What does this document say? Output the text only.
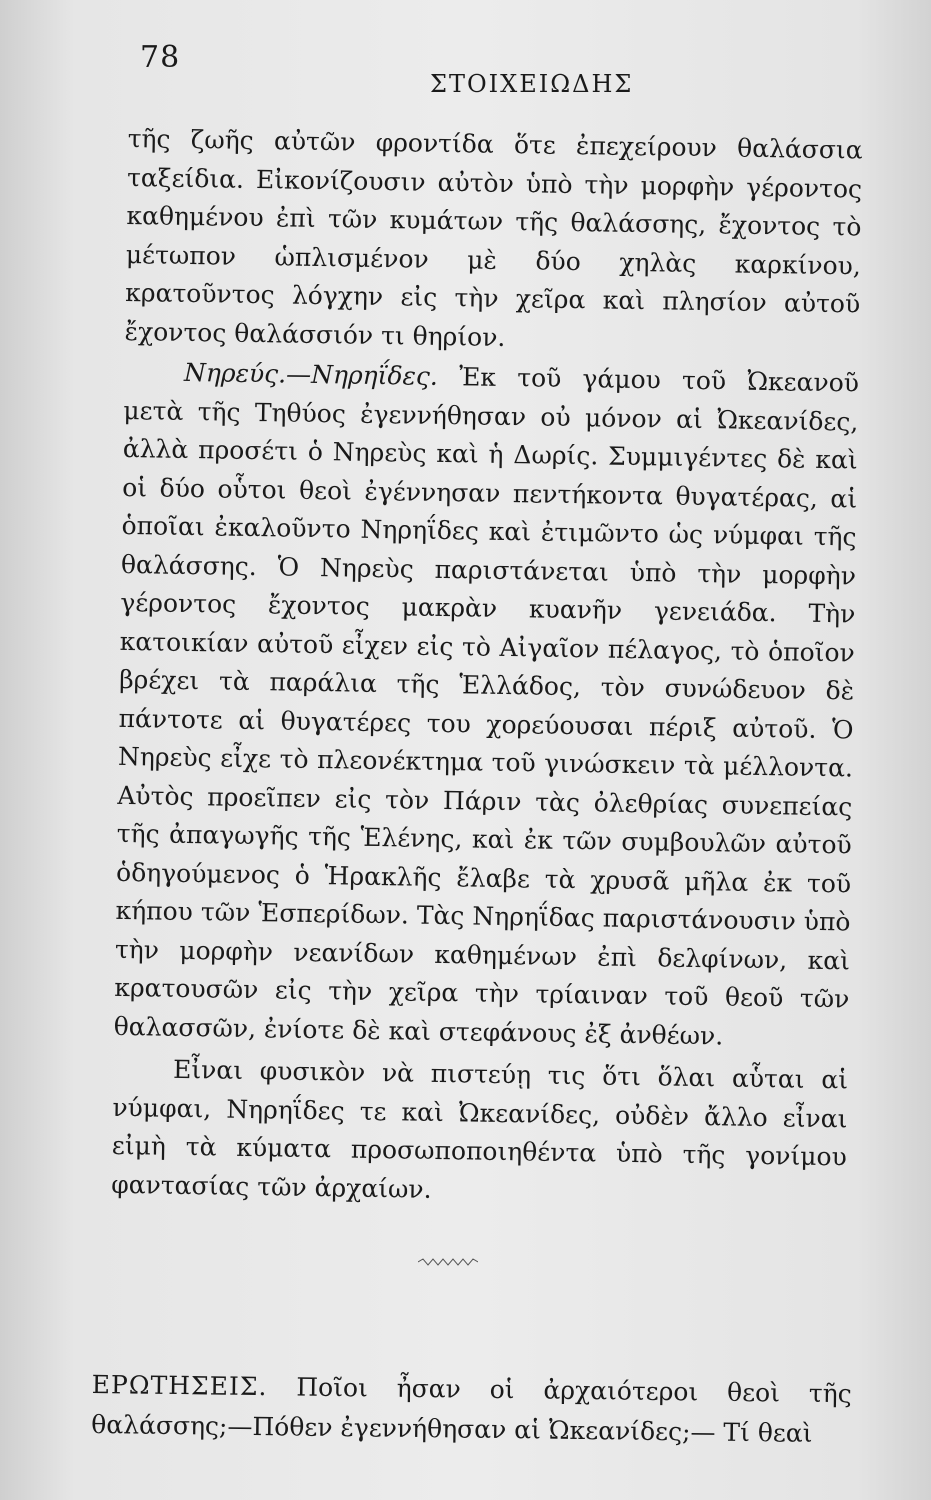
78
ΣΤΟΙΧΕΙΩΔΗΣ

τῆς ζωῆς αὐτῶν φροντίδα ὅτε ἐπεχείρουν θαλάσσια ταξείδια. Εἰκονίζουσιν αὐτὸν ὑπὸ τὴν μορφὴν γέροντος καθημένου ἐπὶ τῶν κυμάτων τῆς θαλάσσης, ἔχοντος τὸ μέτωπον ὡπλισμένον μὲ δύο χηλὰς καρκίνου, κρατοῦντος λόγχην εἰς τὴν χεῖρα καὶ πλησίον αὐτοῦ ἔχοντος θαλάσσιόν τι θηρίον.

Νηρεύς.—Νηρηΐδες. Ἐκ τοῦ γάμου τοῦ Ὠκεανοῦ μετὰ τῆς Τηθύος ἐγεννήθησαν οὐ μόνον αἱ Ὠκεανίδες, ἀλλὰ προσέτι ὁ Νηρεὺς καὶ ἡ Δωρίς. Συμμιγέντες δὲ καὶ οἱ δύο οὗτοι θεοὶ ἐγέννησαν πεντήκοντα θυγατέρας, αἱ ὁποῖαι ἐκαλοῦντο Νηρηΐδες καὶ ἐτιμῶντο ὡς νύμφαι τῆς θαλάσσης. Ὁ Νηρεὺς παριστάνεται ὑπὸ τὴν μορφὴν γέροντος ἔχοντος μακρὰν κυανῆν γενειάδα. Τὴν κατοικίαν αὐτοῦ εἶχεν εἰς τὸ Αἰγαῖον πέλαγος, τὸ ὁποῖον βρέχει τὰ παράλια τῆς Ἑλλάδος, τὸν συνώδευον δὲ πάντοτε αἱ θυγατέρες του χορεύουσαι πέριξ αὐτοῦ. Ὁ Νηρεὺς εἶχε τὸ πλεονέκτημα τοῦ γινώσκειν τὰ μέλλοντα. Αὐτὸς προεῖπεν εἰς τὸν Πάριν τὰς ὀλεθρίας συνεπείας τῆς ἀπαγωγῆς τῆς Ἑλένης, καὶ ἐκ τῶν συμβουλῶν αὐτοῦ ὁδηγούμενος ὁ Ἡρακλῆς ἔλαβε τὰ χρυσᾶ μῆλα ἐκ τοῦ κήπου τῶν Ἑσπερίδων. Τὰς Νηρηΐδας παριστάνουσιν ὑπὸ τὴν μορφὴν νεανίδων καθημένων ἐπὶ δελφίνων, καὶ κρατουσῶν εἰς τὴν χεῖρα τὴν τρίαιναν τοῦ θεοῦ τῶν θαλασσῶν, ἐνίοτε δὲ καὶ στεφάνους ἐξ ἀνθέων.

Εἶναι φυσικὸν νὰ πιστεύῃ τις ὅτι ὅλαι αὗται αἱ νύμφαι, Νηρηΐδες τε καὶ Ὠκεανίδες, οὐδὲν ἄλλο εἶναι εἰμὴ τὰ κύματα προσωποποιηθέντα ὑπὸ τῆς γονίμου φαντασίας τῶν ἀρχαίων.

ΕΡΩΤΗΣΕΙΣ. Ποῖοι ἦσαν οἱ ἀρχαιότεροι θεοὶ τῆς θαλάσσης;—Πόθεν ἐγεννήθησαν αἱ Ὠκεανίδες;— Τί θεαὶ
